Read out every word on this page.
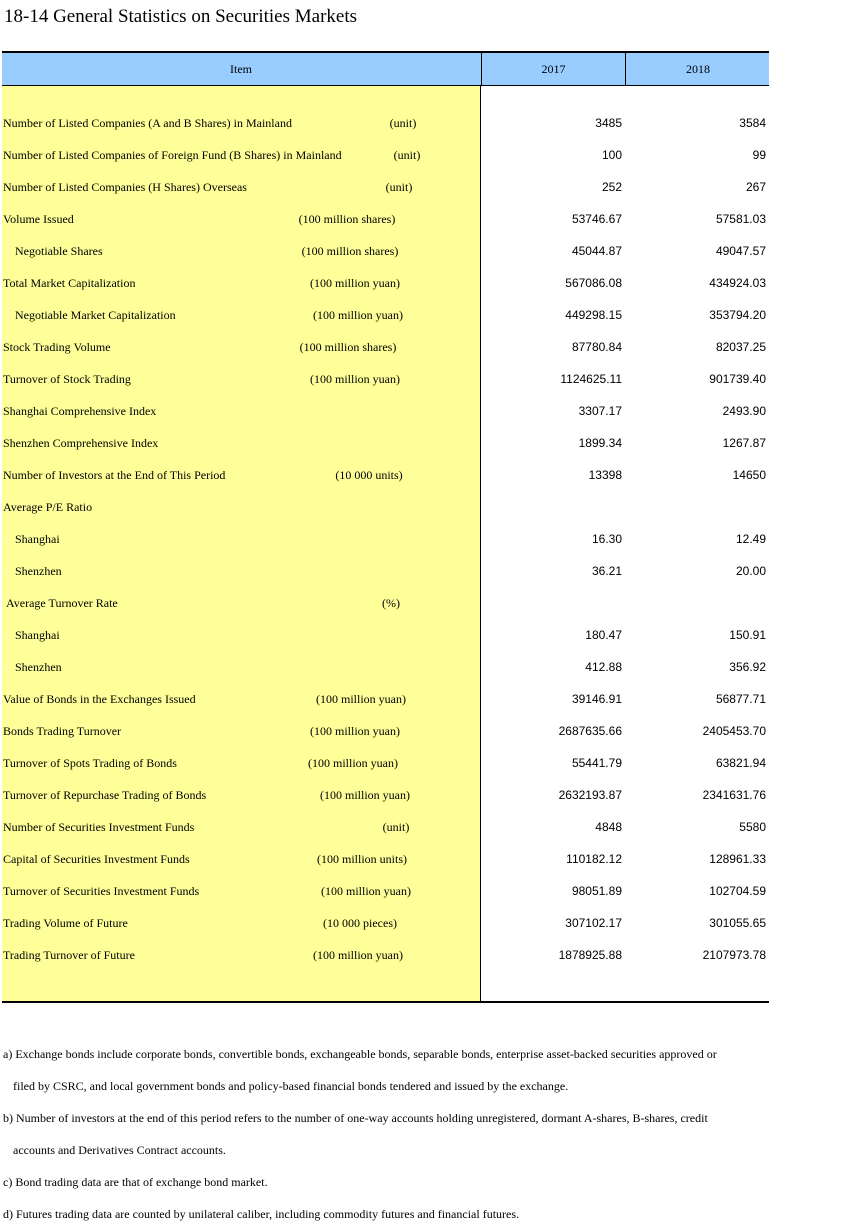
18-14 General Statistics on Securities Markets
Item	2017	2018
Number of Listed Companies (A and B Shares) in Mainland	(unit)	3485	3584
Number of Listed Companies of Foreign Fund (B Shares) in Mainland	(unit)	100	99
Number of Listed Companies (H Shares) Overseas	(unit)	252	267
Volume Issued	(100 million shares)	53746.67	57581.03
Negotiable Shares	(100 million shares)	45044.87	49047.57
Total Market Capitalization	(100 million yuan)	567086.08	434924.03
Negotiable Market Capitalization	(100 million yuan)	449298.15	353794.20
Stock Trading Volume	(100 million shares)	87780.84	82037.25
Turnover of Stock Trading	(100 million yuan)	1124625.11	901739.40
Shanghai Comprehensive Index	3307.17	2493.90
Shenzhen Comprehensive Index	1899.34	1267.87
Number of Investors at the End of This Period	(10 000 units)	13398	14650
Average P/E Ratio
Shanghai	16.30	12.49
Shenzhen	36.21	20.00
Average Turnover Rate	(%)
Shanghai	180.47	150.91
Shenzhen	412.88	356.92
Value of Bonds in the Exchanges Issued	(100 million yuan)	39146.91	56877.71
Bonds Trading Turnover	(100 million yuan)	2687635.66	2405453.70
Turnover of Spots Trading of Bonds	(100 million yuan)	55441.79	63821.94
Turnover of Repurchase Trading of Bonds	(100 million yuan)	2632193.87	2341631.76
Number of Securities Investment Funds	(unit)	4848	5580
Capital of Securities Investment Funds	(100 million units)	110182.12	128961.33
Turnover of Securities Investment Funds	(100 million yuan)	98051.89	102704.59
Trading Volume of Future	(10 000 pieces)	307102.17	301055.65
Trading Turnover of Future	(100 million yuan)	1878925.88	2107973.78
a) Exchange bonds include corporate bonds, convertible bonds, exchangeable bonds, separable bonds, enterprise asset-backed securities approved or
filed by CSRC, and local government bonds and policy-based financial bonds tendered and issued by the exchange.
b) Number of investors at the end of this period refers to the number of one-way accounts holding unregistered, dormant A-shares, B-shares, credit
accounts and Derivatives Contract accounts.
c) Bond trading data are that of exchange bond market.
d) Futures trading data are counted by unilateral caliber, including commodity futures and financial futures.
